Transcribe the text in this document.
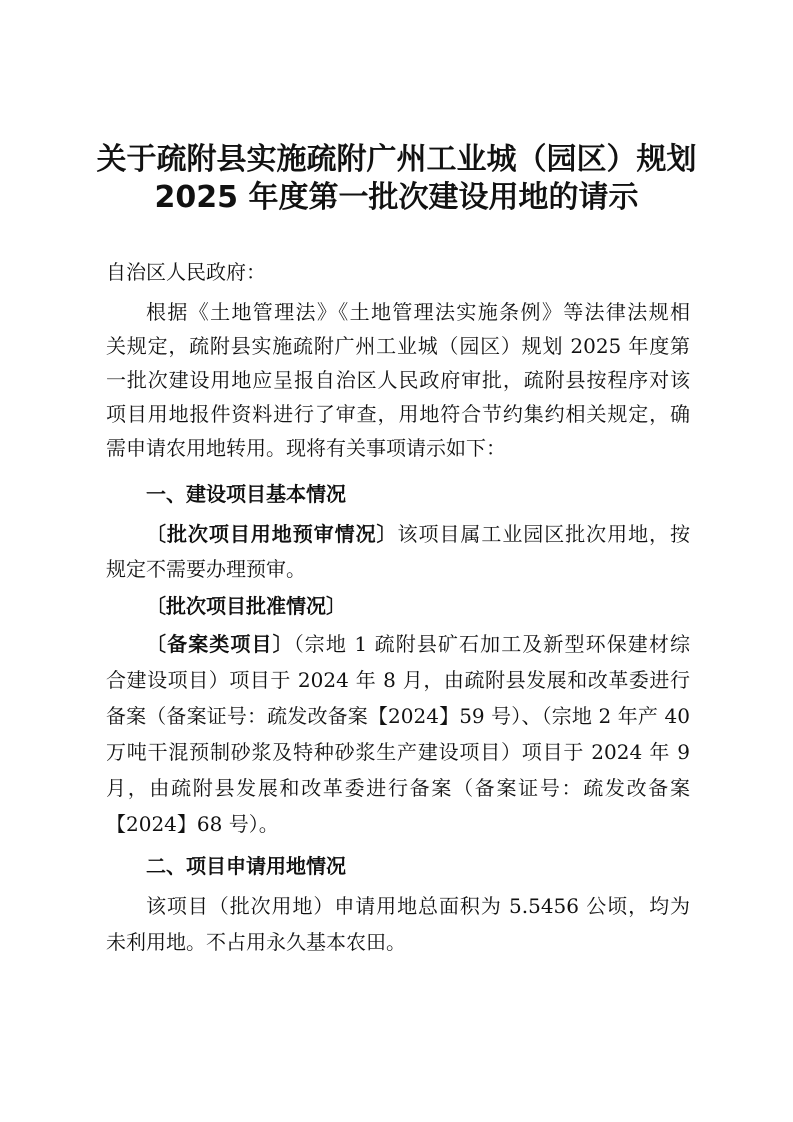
关于疏附县实施疏附广州工业城（园区）规划
2025 年度第一批次建设用地的请示
自治区人民政府：
根据《土地管理法》《土地管理法实施条例》等法律法规相
关规定，疏附县实施疏附广州工业城（园区）规划 2025 年度第
一批次建设用地应呈报自治区人民政府审批，疏附县按程序对该
项目用地报件资料进行了审查，用地符合节约集约相关规定，确
需申请农用地转用。现将有关事项请示如下：
一、建设项目基本情况
〔批次项目用地预审情况〕该项目属工业园区批次用地，按
规定不需要办理预审。
〔批次项目批准情况〕
〔备案类项目〕（宗地 1 疏附县矿石加工及新型环保建材综
合建设项目）项目于 2024 年 8 月，由疏附县发展和改革委进行
备案（备案证号：疏发改备案【2024】59 号）、（宗地 2 年产 40
万吨干混预制砂浆及特种砂浆生产建设项目）项目于 2024 年 9
月，由疏附县发展和改革委进行备案（备案证号：疏发改备案
【2024】68 号）。
二、项目申请用地情况
该项目（批次用地）申请用地总面积为 5.5456 公顷，均为
未利用地。不占用永久基本农田。
